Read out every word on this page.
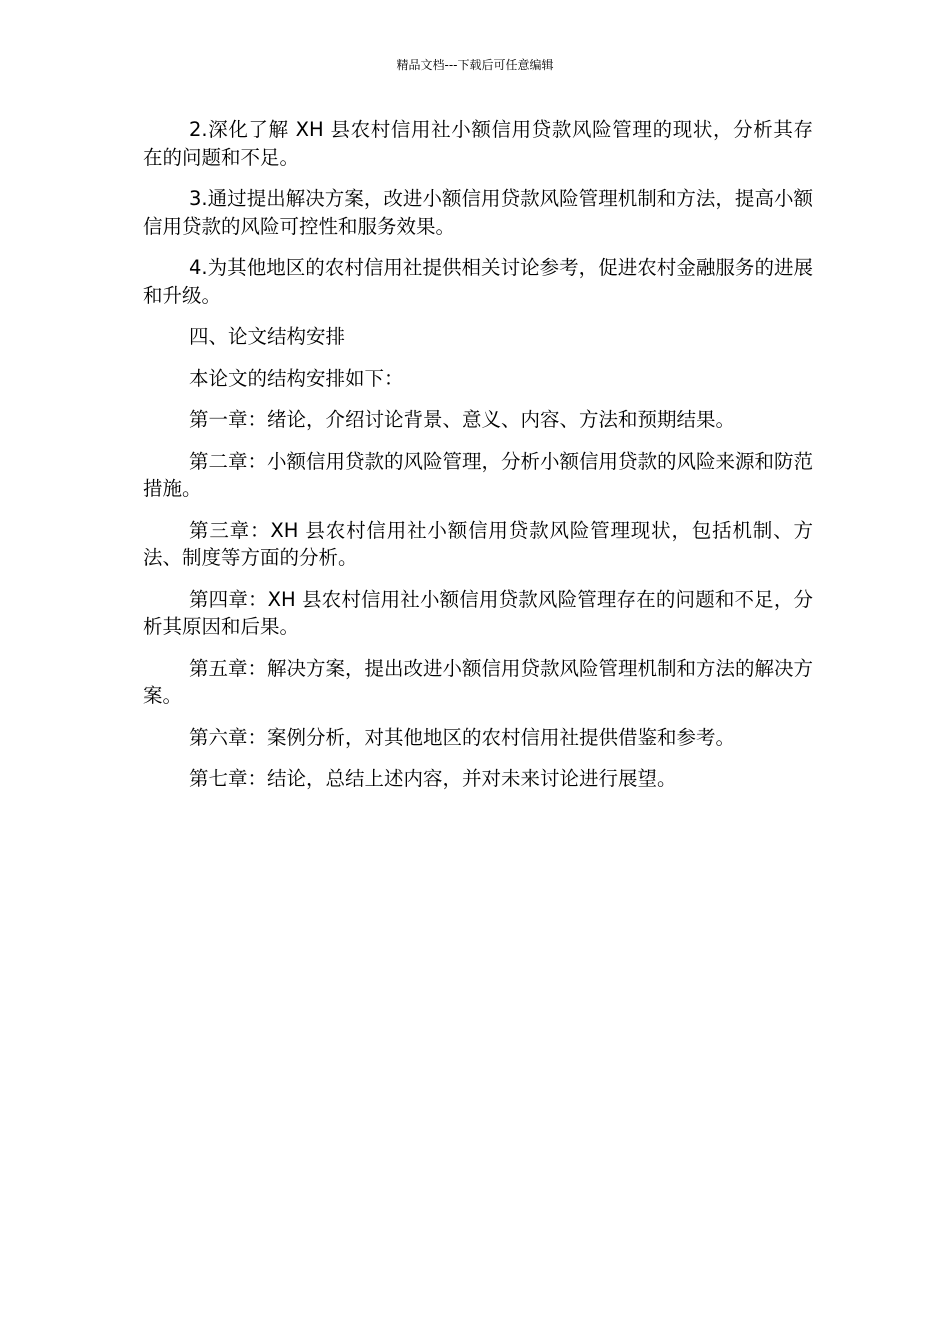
精品文档---下载后可任意编辑

2.深化了解 XH 县农村信用社小额信用贷款风险管理的现状，分析其存在的问题和不足。

3.通过提出解决方案，改进小额信用贷款风险管理机制和方法，提高小额信用贷款的风险可控性和服务效果。

4.为其他地区的农村信用社提供相关讨论参考，促进农村金融服务的进展和升级。

四、论文结构安排

本论文的结构安排如下：

第一章：绪论，介绍讨论背景、意义、内容、方法和预期结果。

第二章：小额信用贷款的风险管理，分析小额信用贷款的风险来源和防范措施。

第三章：XH 县农村信用社小额信用贷款风险管理现状，包括机制、方法、制度等方面的分析。

第四章：XH 县农村信用社小额信用贷款风险管理存在的问题和不足，分析其原因和后果。

第五章：解决方案，提出改进小额信用贷款风险管理机制和方法的解决方案。

第六章：案例分析，对其他地区的农村信用社提供借鉴和参考。

第七章：结论，总结上述内容，并对未来讨论进行展望。
